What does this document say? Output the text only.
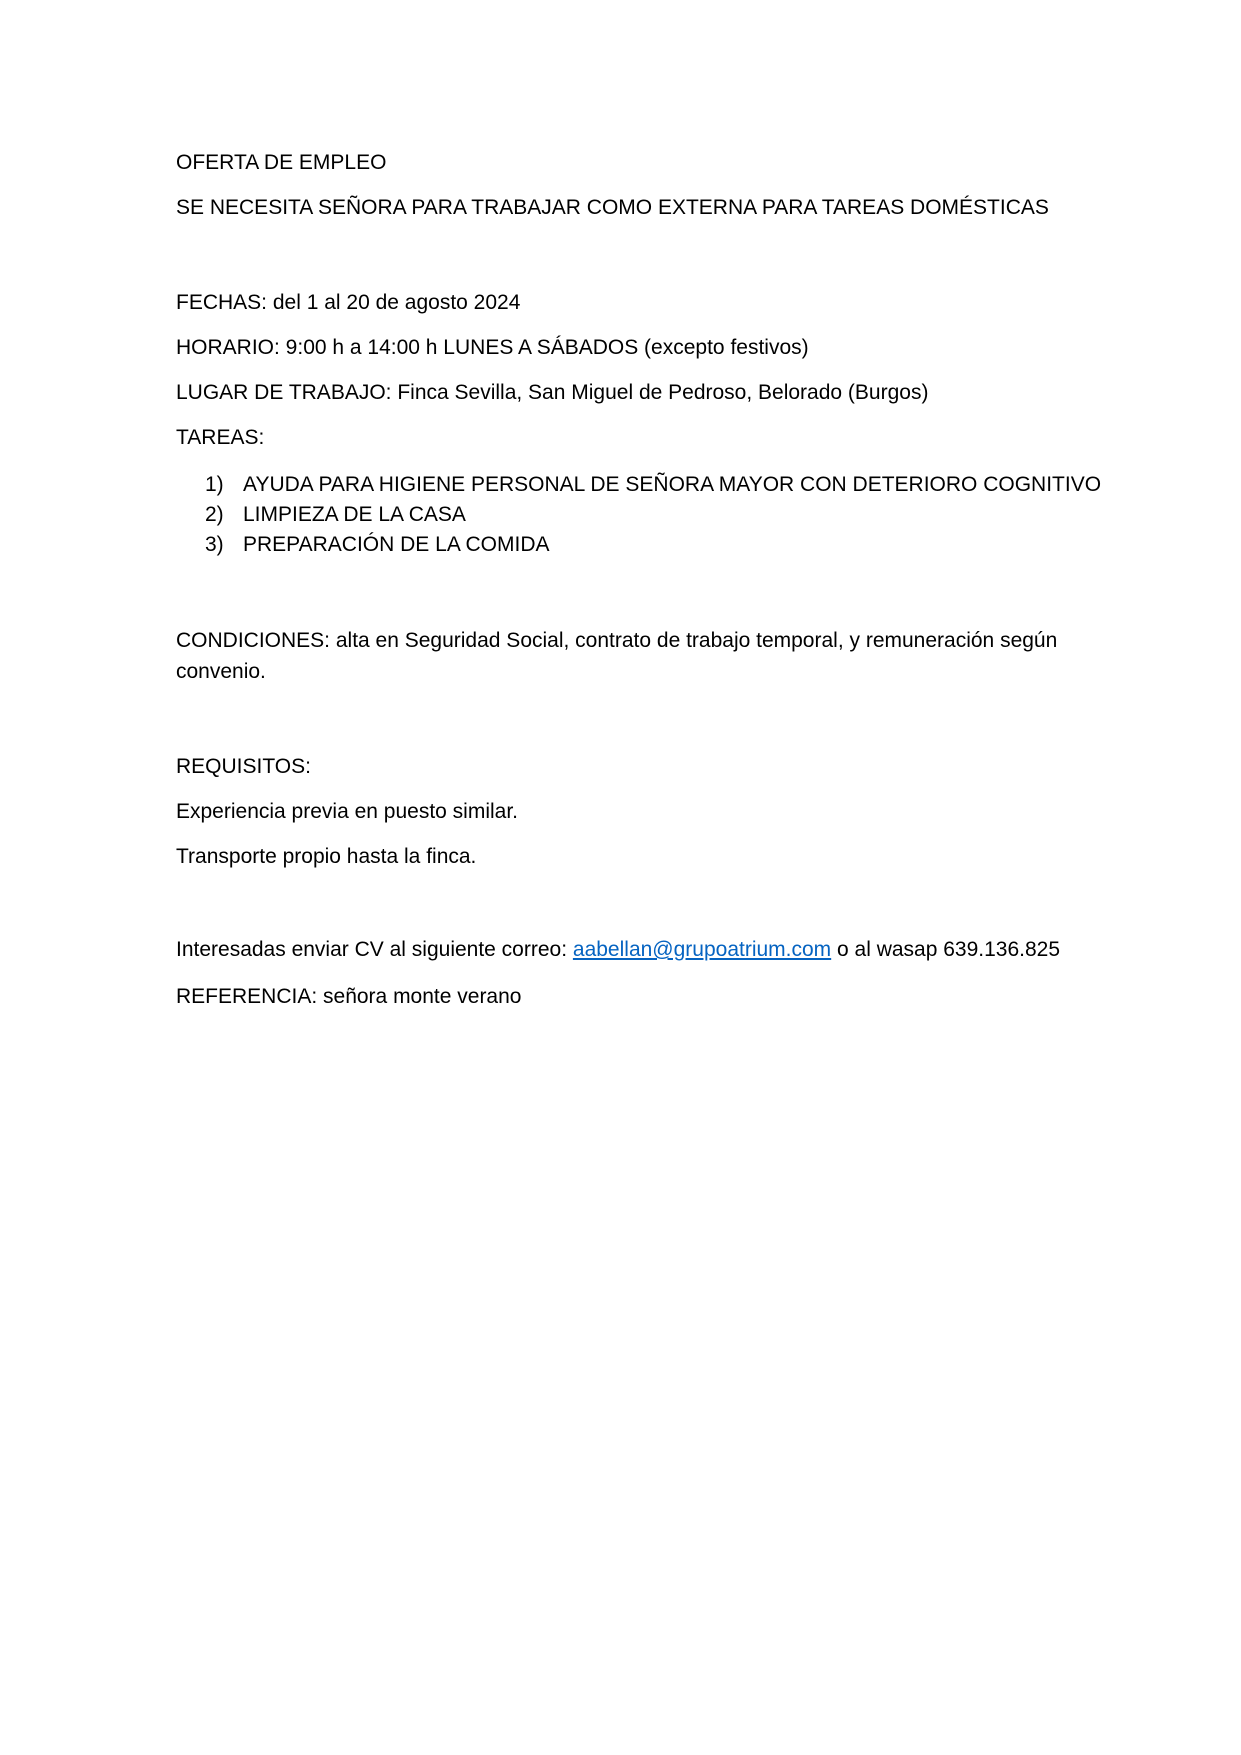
OFERTA DE EMPLEO

SE NECESITA SEÑORA PARA TRABAJAR COMO EXTERNA PARA TAREAS DOMÉSTICAS

FECHAS: del 1 al 20 de agosto 2024

HORARIO: 9:00 h a 14:00 h LUNES A SÁBADOS (excepto festivos)

LUGAR DE TRABAJO: Finca Sevilla, San Miguel de Pedroso, Belorado (Burgos)

TAREAS:

1) AYUDA PARA HIGIENE PERSONAL DE SEÑORA MAYOR CON DETERIORO COGNITIVO
2) LIMPIEZA DE LA CASA
3) PREPARACIÓN DE LA COMIDA

CONDICIONES: alta en Seguridad Social, contrato de trabajo temporal, y remuneración según
convenio.

REQUISITOS:

Experiencia previa en puesto similar.

Transporte propio hasta la finca.

Interesadas enviar CV al siguiente correo: aabellan@grupoatrium.com o al wasap 639.136.825

REFERENCIA: señora monte verano
